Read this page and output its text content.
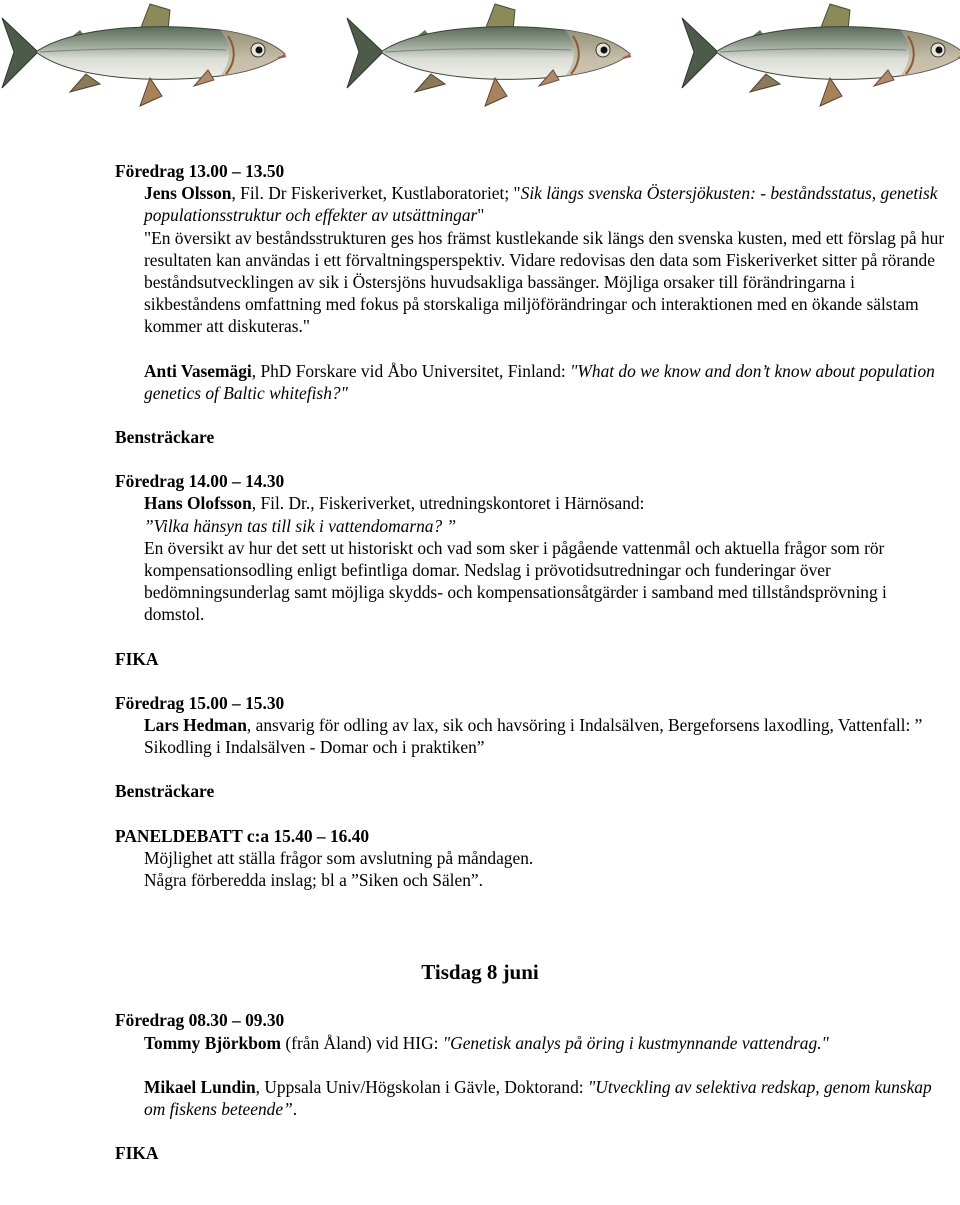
Föredrag 13.00 – 13.50

Jens Olsson, Fil. Dr Fiskeriverket, Kustlaboratoriet; "Sik längs svenska Östersjökusten: - beståndsstatus, genetisk populationsstruktur och effekter av utsättningar"
"En översikt av beståndsstrukturen ges hos främst kustlekande sik längs den svenska kusten, med ett förslag på hur resultaten kan användas i ett förvaltningsperspektiv. Vidare redovisas den data som Fiskeriverket sitter på rörande beståndsutvecklingen av sik i Östersjöns huvudsakliga bassänger. Möjliga orsaker till förändringarna i sikbeståndens omfattning med fokus på storskaliga miljöförändringar och interaktionen med en ökande sälstam kommer att diskuteras."
Anti Vasemägi, PhD Forskare vid Åbo Universitet, Finland: "What do we know and don’t know about population genetics of Baltic whitefish?"

Bensträckare

Föredrag 14.00 – 14.30

Hans Olofsson, Fil. Dr., Fiskeriverket, utredningskontoret i Härnösand:
”Vilka hänsyn tas till sik i vattendomarna? ”
En översikt av hur det sett ut historiskt och vad som sker i pågående vattenmål och aktuella frågor som rör kompensationsodling enligt befintliga domar. Nedslag i prövotidsutredningar och funderingar över bedömningsunderlag samt möjliga skydds- och kompensationsåtgärder i samband med tillståndsprövning i domstol.

FIKA

Föredrag 15.00 – 15.30

Lars Hedman, ansvarig för odling av lax, sik och havsöring i Indalsälven, Bergeforsens laxodling, Vattenfall: ” Sikodling i Indalsälven - Domar och i praktiken”

Bensträckare

PANELDEBATT c:a 15.40 – 16.40

Möjlighet att ställa frågor som avslutning på måndagen.
Några förberedda inslag; bl a ”Siken och Sälen”.

Tisdag 8 juni

Föredrag 08.30 – 09.30

Tommy Björkbom (från Åland) vid HIG: "Genetisk analys på öring i kustmynnande vattendrag."
Mikael Lundin, Uppsala Univ/Högskolan i Gävle, Doktorand: "Utveckling av selektiva redskap, genom kunskap om fiskens beteende”.

FIKA
